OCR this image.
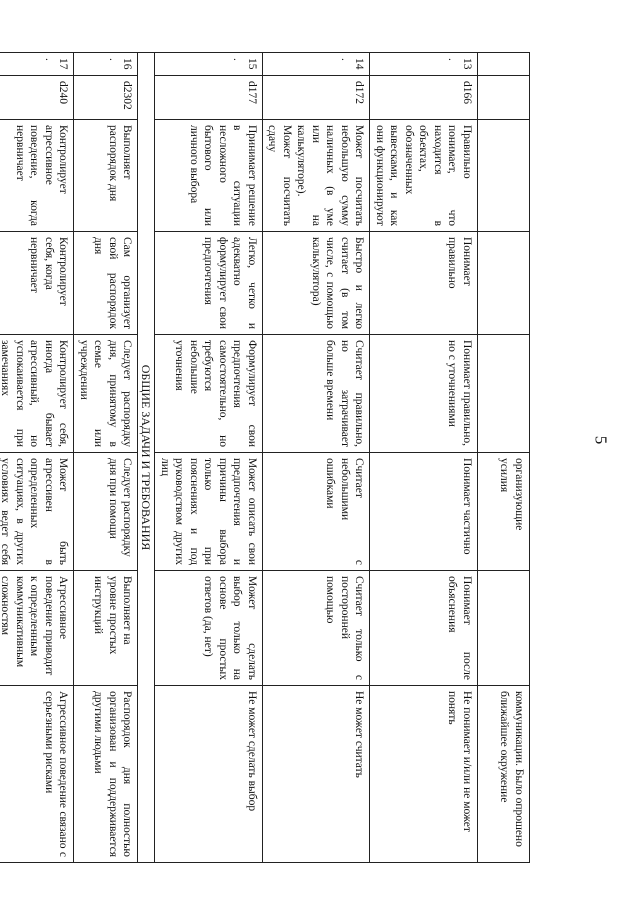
5
					организующие усилия		коммуникации. Было опрошено ближайшее окружение
13.	d166	Правильно понимает, что находится в объектах, обозначенных вывесками, и как они функционируют	Понимает правильно	Понимает правильно, но с уточнениями	Понимает частично	Понимает после объяснения	Не понимает и/или не может понять
14.	d172	Может посчитать небольшую сумму наличных (в уме или на калькуляторе). Может посчитать сдачу	Быстро и легко считает (в том числе, с помощью калькулятора)	Считает правильно, но затрачивает больше времени	Считает с небольшими ошибками	Считает только с посторонней помощью	Не может считать
15.	d177	Принимает решение в ситуации несложного бытового или личного выбора	Легко, четко и адекватно формулирует свои предпочтения	Формулирует свои предпочтения самостоятельно, но требуются небольшие уточнения	Может описать свои предпочтения и причины выбора только при пояснениях и под руководством других лиц	Может сделать выбор только на основе простых ответов (да, нет)	Не может сделать выбор
ОБЩИЕ ЗАДАЧИ И ТРЕБОВАНИЯ							
16.	d2302	Выполняет распорядок дня	Сам организует свой распорядок дня	Следует распорядку дня, принятому в семье или учреждении	Следует распорядку дня при помощи	Выполняет на уровне простых инструкций	Распорядок дня полностью организован и поддерживается другими людьми
17.	d240	Контролирует агрессивное поведение, когда нервничает	Контролирует себя, когда нервничает	Контролирует себя, иногда бывает агрессивный, но успокаивается при замечаниях	Может быть агрессивен в определенных ситуациях, в других условиях ведет себя	Агрессивное поведение приводит к определенным коммуникативным сложностям	Агрессивное поведение связано с серьезными рисками
